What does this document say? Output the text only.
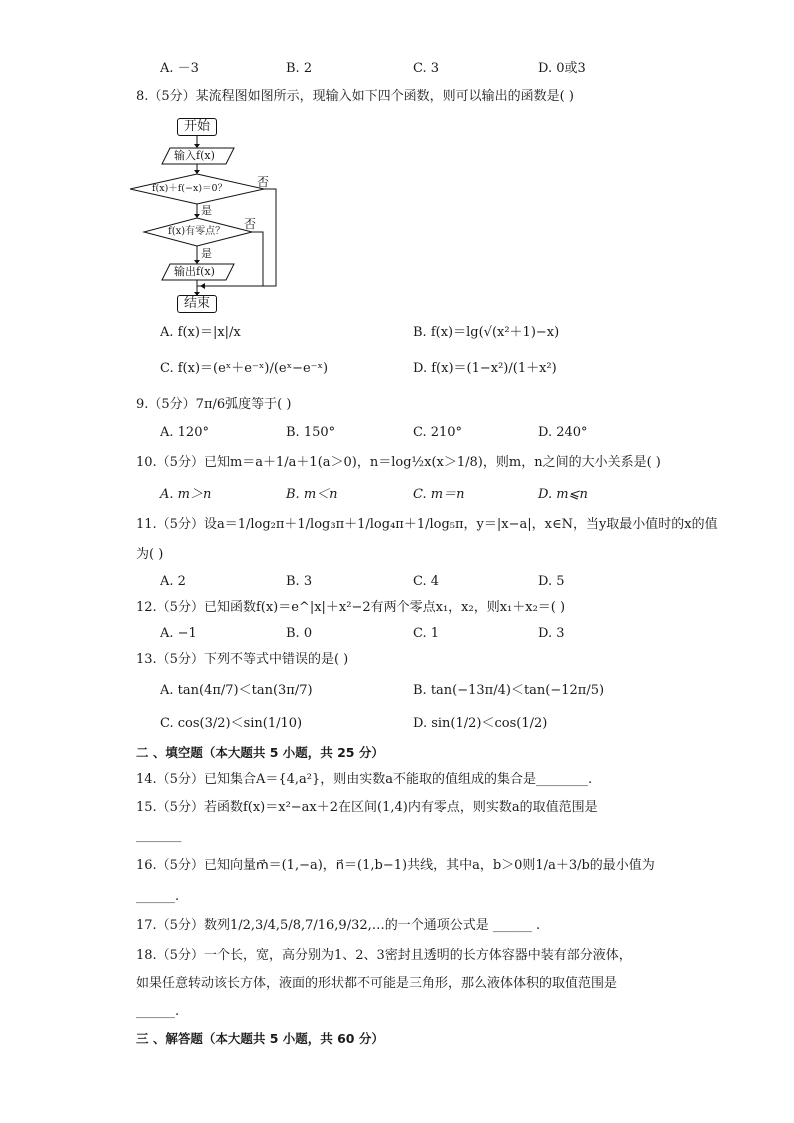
A. －3	B. 2	C. 3	D. 0或3
8.（5分）某流程图如图所示，现输入如下四个函数，则可以输出的函数是( )
开始
输入f(x)
f(x)＋f(−x)＝0？ 否
是
f(x)有零点？
否
是
输出f(x)
结束
A. f(x)＝|x|/x	B. f(x)＝lg(√(x²＋1)−x)
C. f(x)＝(eˣ＋e⁻ˣ)/(eˣ−e⁻ˣ)	D. f(x)＝(1−x²)/(1＋x²)
9.（5分）7π/6弧度等于( )
A. 120°	B. 150°	C. 210°	D. 240°
10.（5分）已知m＝a＋1/a＋1(a＞0)，n＝log½x(x＞1/8)，则m，n之间的大小关系是( )
A. m＞n	B. m＜n	C. m＝n	D. m⩽n
11.（5分）设a＝1/log₂π＋1/log₃π＋1/log₄π＋1/log₅π，y＝|x−a|，x∈N，当y取最小值时的x的值
为( )
A. 2	B. 3	C. 4	D. 5
12.（5分）已知函数f(x)＝e^|x|＋x²−2有两个零点x₁，x₂，则x₁＋x₂＝( )
A. −1	B. 0	C. 1	D. 3
13.（5分）下列不等式中错误的是( )
A. tan(4π/7)＜tan(3π/7)	B. tan(−13π/4)＜tan(−12π/5)
C. cos(3/2)＜sin(1/10)	D. sin(1/2)＜cos(1/2)
二 、填空题（本大题共 5 小题，共 25 分）
14.（5分）已知集合A＝{4,a²}，则由实数a不能取的值组成的集合是________.
15.（5分）若函数f(x)＝x²−ax＋2在区间(1,4)内有零点，则实数a的取值范围是
_______
16.（5分）已知向量m⃗＝(1,−a)，n⃗＝(1,b−1)共线，其中a，b＞0则1/a＋3/b的最小值为
______.
17.（5分）数列1/2,3/4,5/8,7/16,9/32,…的一个通项公式是 ______ .
18.（5分）一个长，宽，高分别为1、2、3密封且透明的长方体容器中装有部分液体，
如果任意转动该长方体，液面的形状都不可能是三角形，那么液体体积的取值范围是
______.
三 、解答题（本大题共 5 小题，共 60 分）
